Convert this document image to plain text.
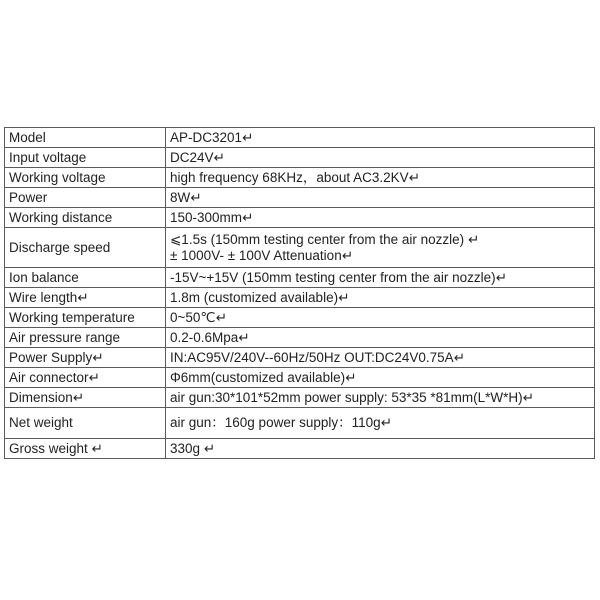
Model	AP-DC3201↵
Input voltage	DC24V↵
Working voltage	high frequency 68KHz，about AC3.2KV↵
Power	8W↵
Working distance	150-300mm↵
Discharge speed	⩽1.5s (150mm testing center from the air nozzle) ↵
± 1000V- ± 100V Attenuation↵

Ion balance	-15V~+15V (150mm testing center from the air nozzle)↵
Wire length↵	1.8m (customized available)↵
Working temperature	0~50℃↵
Air pressure range	0.2-0.6Mpa↵
Power Supply↵	IN:AC95V/240V--60Hz/50Hz OUT:DC24V0.75A↵
Air connector↵	Φ6mm(customized available)↵
Dimension↵	air gun:30*101*52mm power supply: 53*35 *81mm(L*W*H)↵
Net weight	air gun：160g power supply：110g↵
Gross weight ↵	330g ↵
